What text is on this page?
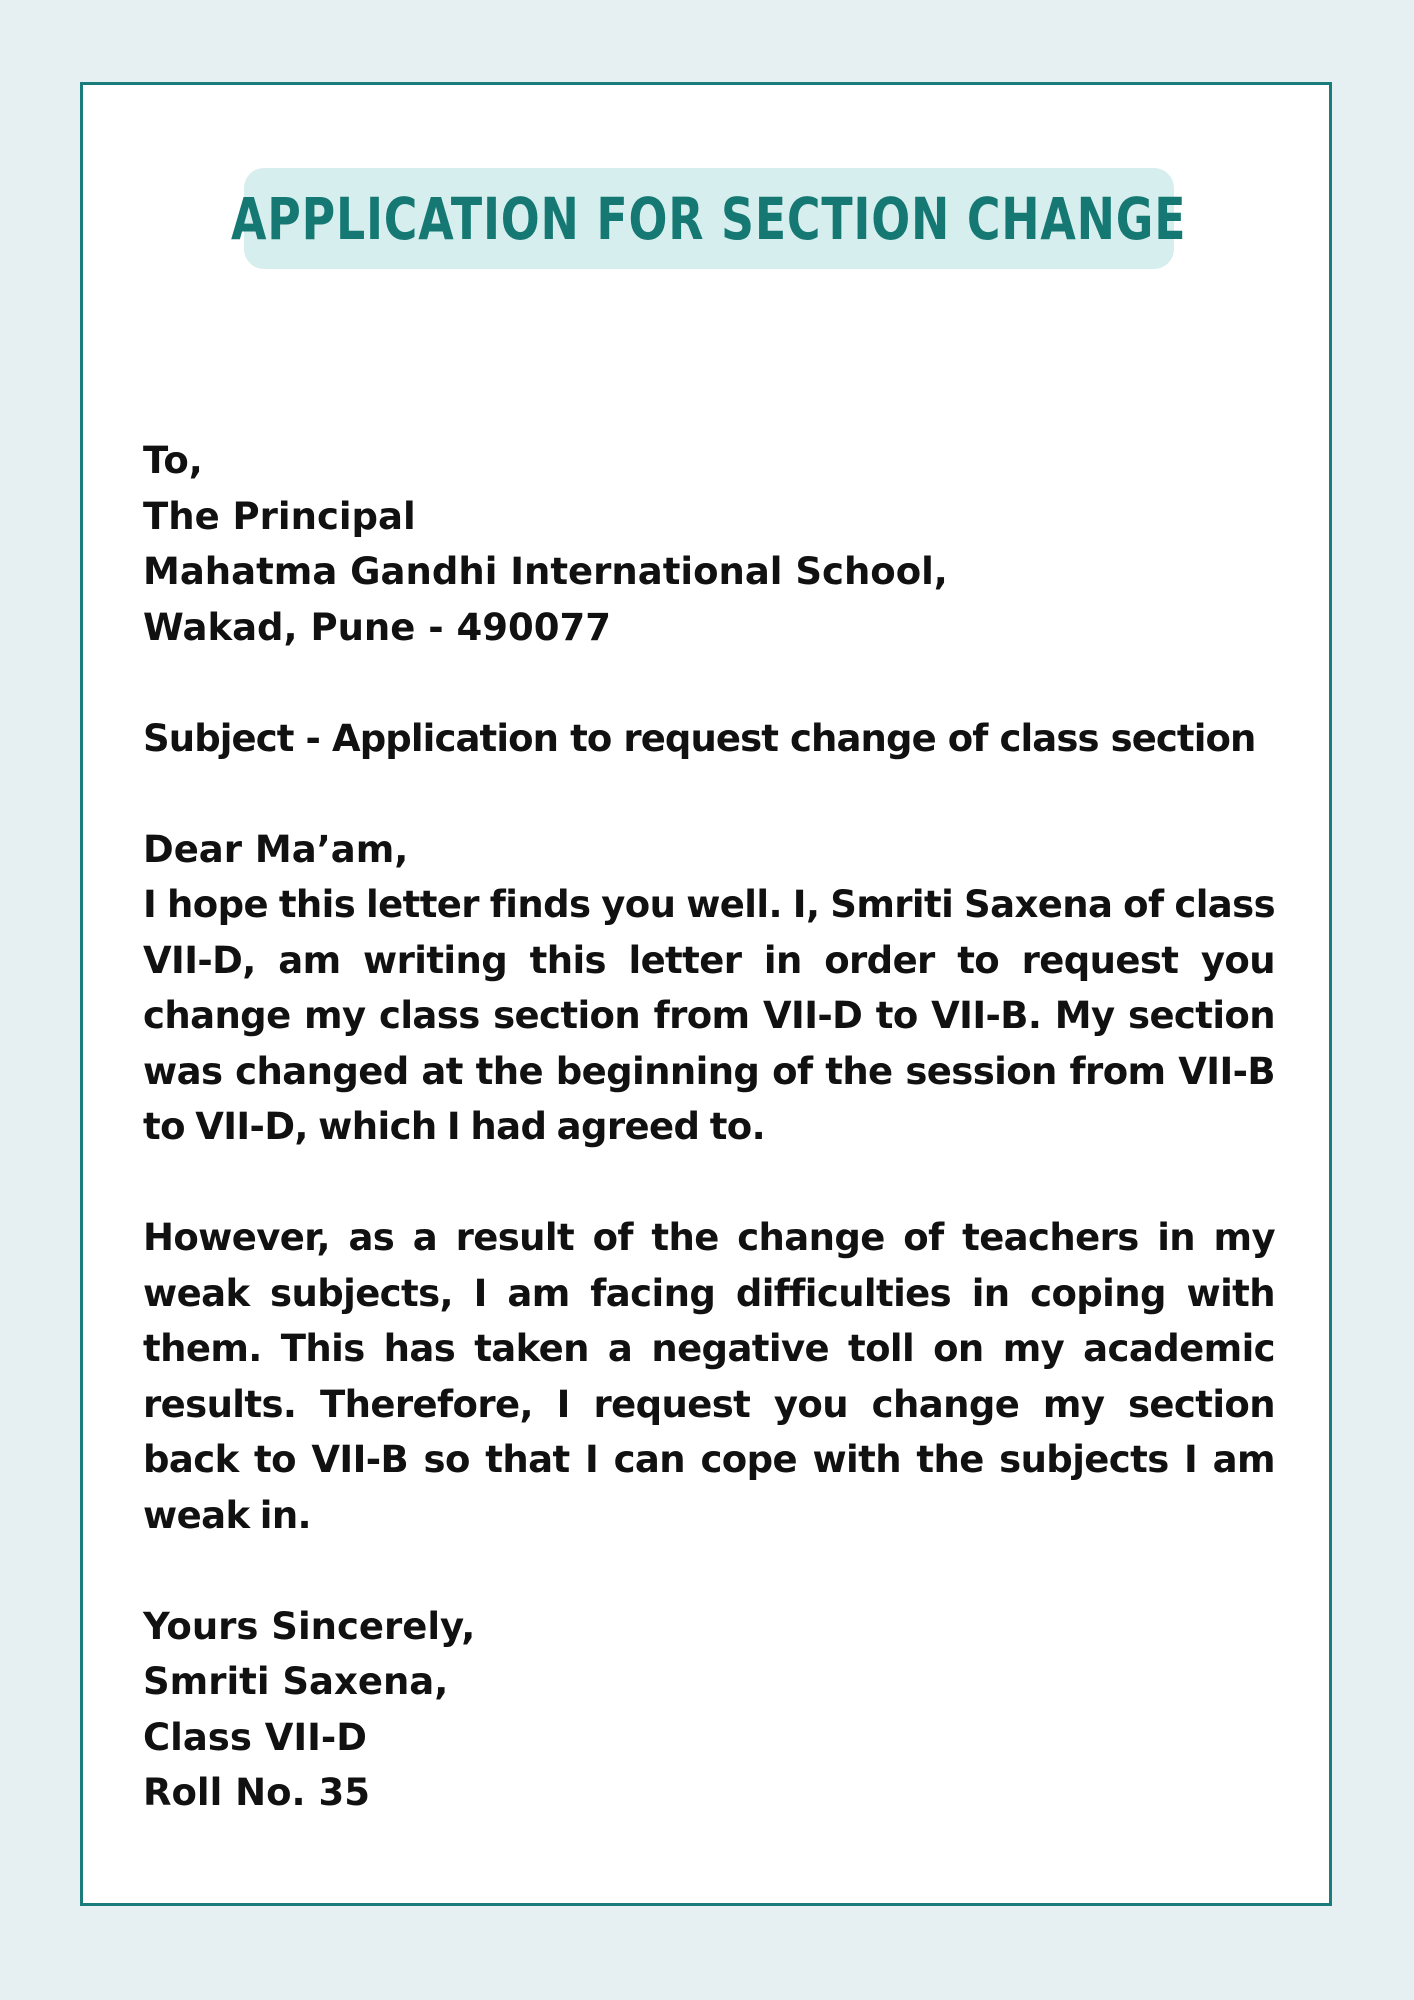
APPLICATION FOR SECTION CHANGE
To,
The Principal
Mahatma Gandhi International School,
Wakad, Pune - 490077
Subject - Application to request change of class section
Dear Ma’am,
I hope this letter finds you well. I, Smriti Saxena of class VII-D, am writing this letter in order to request you change my class section from VII-D to VII-B. My section was changed at the beginning of the session from VII-B to VII-D, which I had agreed to.
However, as a result of the change of teachers in my weak subjects, I am facing difficulties in coping with them. This has taken a negative toll on my academic results. Therefore, I request you change my section back to VII-B so that I can cope with the subjects I am weak in.
Yours Sincerely,
Smriti Saxena,
Class VII-D
Roll No. 35
